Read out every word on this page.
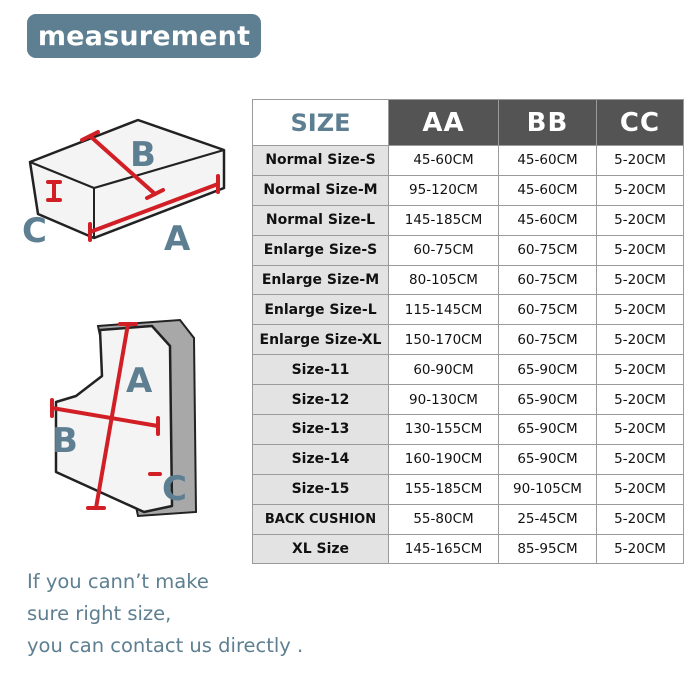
measurement
B
C	A
A
B
C
SIZE	AA	BB	CC
Normal Size-S	45-60CM	45-60CM	5-20CM
Normal Size-M	95-120CM	45-60CM	5-20CM
Normal Size-L	145-185CM	45-60CM	5-20CM
Enlarge Size-S	60-75CM	60-75CM	5-20CM
Enlarge Size-M	80-105CM	60-75CM	5-20CM
Enlarge Size-L	115-145CM	60-75CM	5-20CM
Enlarge Size-XL	150-170CM	60-75CM	5-20CM
Size-11	60-90CM	65-90CM	5-20CM
Size-12	90-130CM	65-90CM	5-20CM
Size-13	130-155CM	65-90CM	5-20CM
Size-14	160-190CM	65-90CM	5-20CM
Size-15	155-185CM	90-105CM	5-20CM
BACK CUSHION	55-80CM	25-45CM	5-20CM
XL Size	145-165CM	85-95CM	5-20CM
If you cann’t make
sure right size,
you can contact us directly .
